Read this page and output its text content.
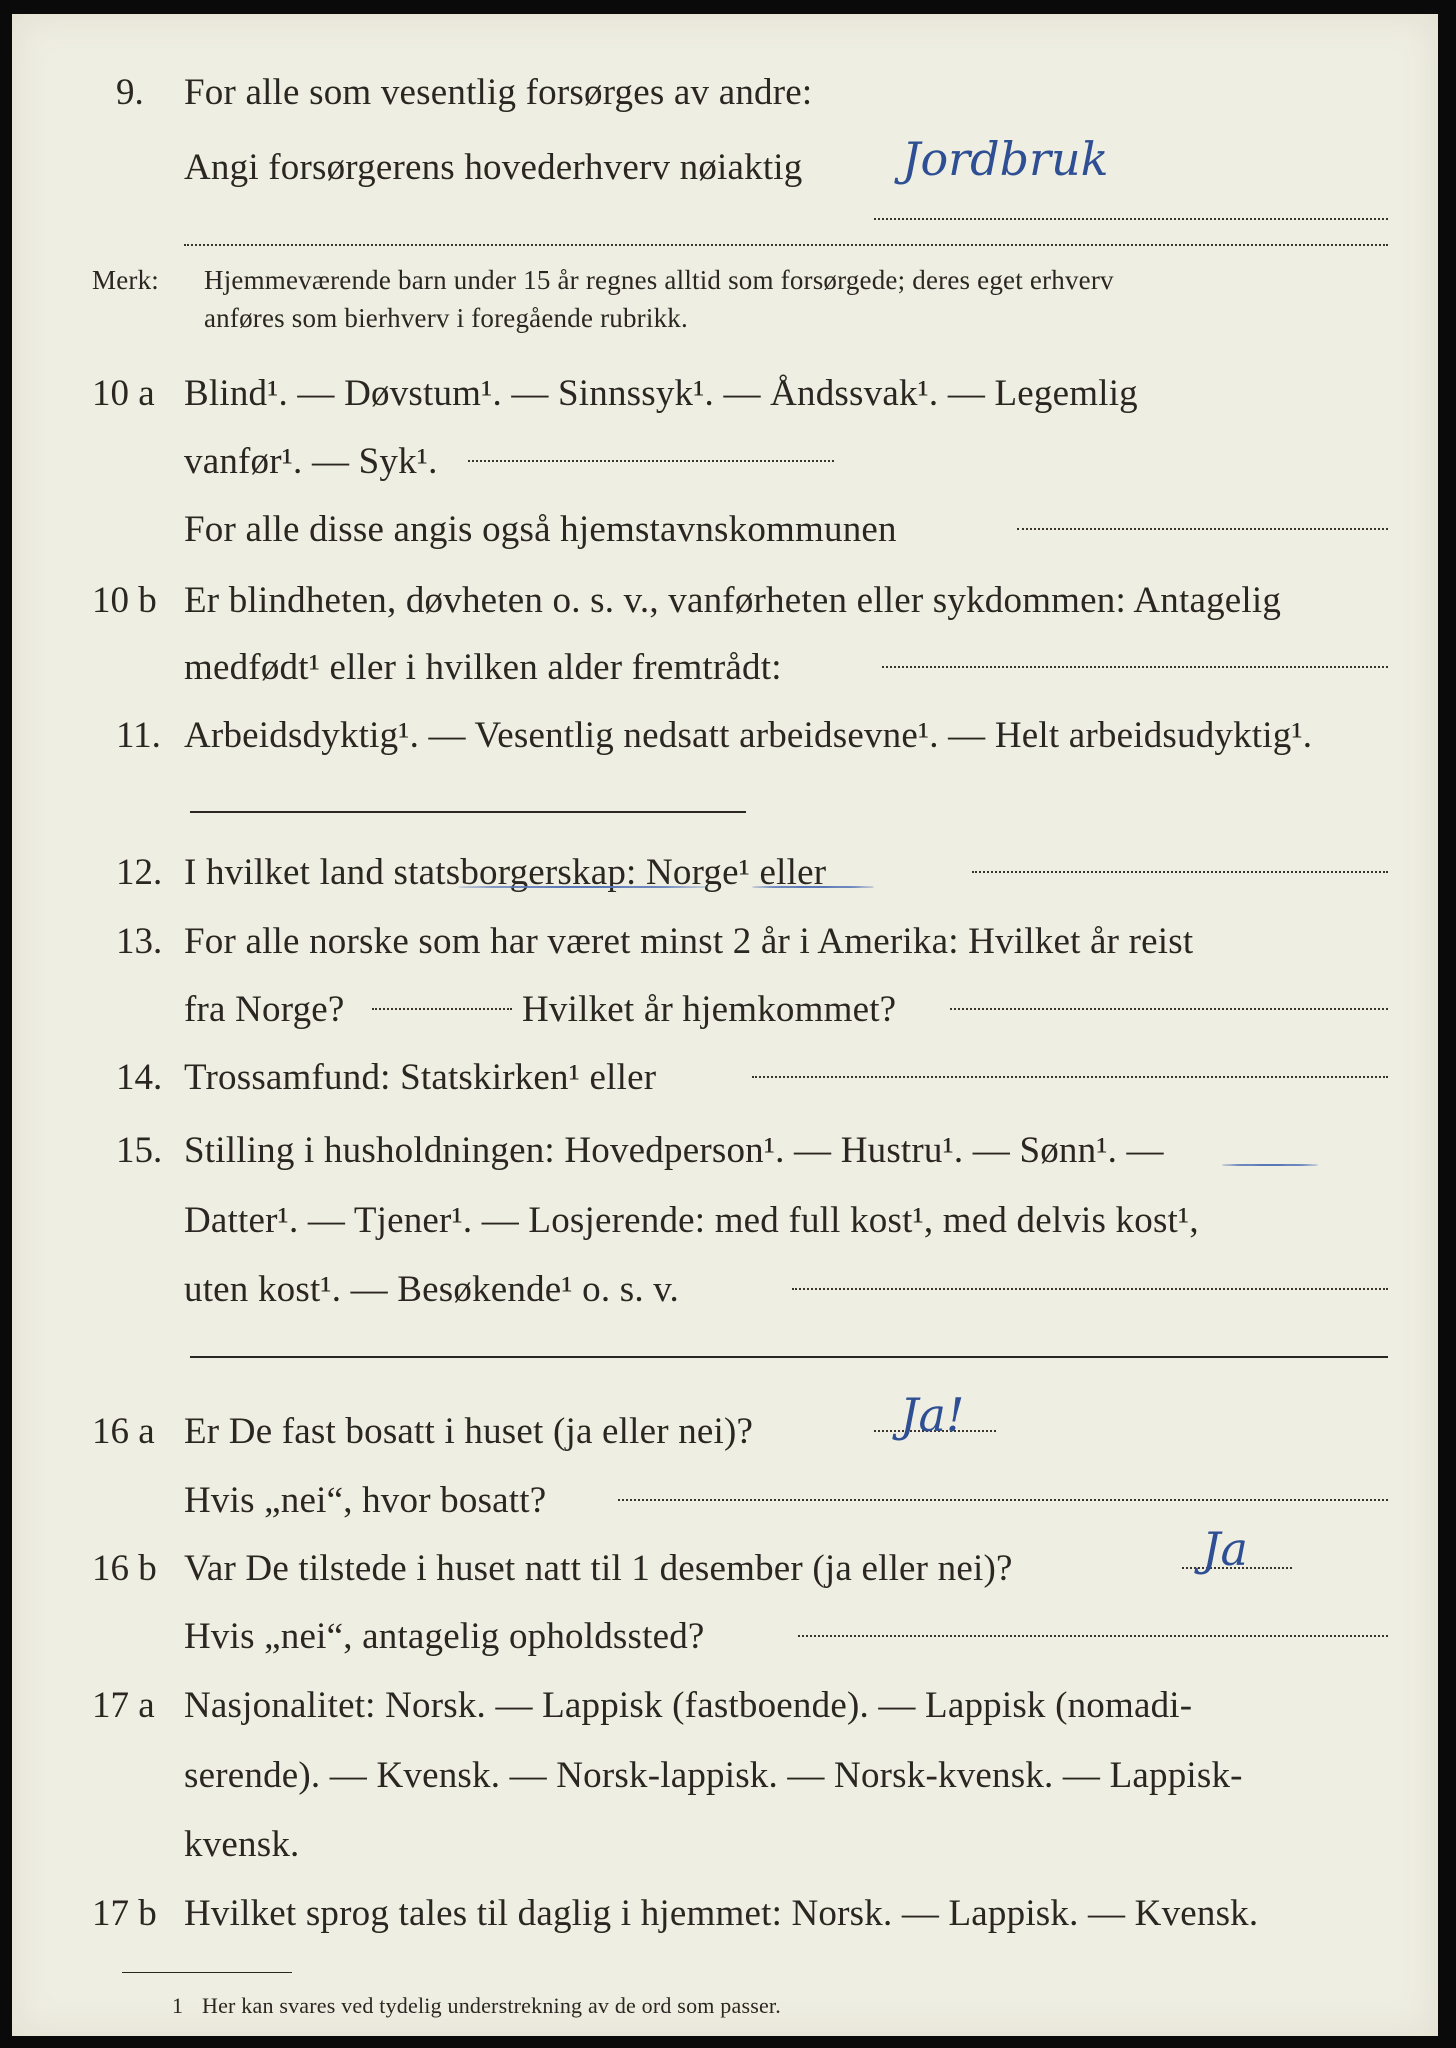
9. For alle som vesentlig forsørges av andre:
Angi forsørgerens hovederhverv nøiaktig Jordbruk
Merk: Hjemmeværende barn under 15 år regnes alltid som forsørgede; deres eget erhverv
anføres som bierhverv i foregående rubrikk.
10 a Blind¹. — Døvstum¹. — Sinnssyk¹. — Åndssvak¹. — Legemlig
vanfør¹. — Syk¹.
For alle disse angis også hjemstavnskommunen
10 b Er blindheten, døvheten o. s. v., vanførheten eller sykdommen: Antagelig
medfødt¹ eller i hvilken alder fremtrådt:
11. Arbeidsdyktig¹. — Vesentlig nedsatt arbeidsevne¹. — Helt arbeidsudyktig¹.
12. I hvilket land statsborgerskap: Norge¹ eller
13. For alle norske som har været minst 2 år i Amerika: Hvilket år reist
fra Norge?	Hvilket år hjemkommet?
14. Trossamfund: Statskirken¹ eller
15. Stilling i husholdningen: Hovedperson¹. — Hustru¹. — Sønn¹. —
Datter¹. — Tjener¹. — Losjerende: med full kost¹, med delvis kost¹,
uten kost¹. — Besøkende¹ o. s. v.
16 a Er De fast bosatt i huset (ja eller nei)?	Ja!
Hvis „nei“, hvor bosatt?
16 b Var De tilstede i huset natt til 1 desember (ja eller nei)?	Ja
Hvis „nei“, antagelig opholdssted?
17 a Nasjonalitet: Norsk. — Lappisk (fastboende). — Lappisk (nomadi-
serende). — Kvensk. — Norsk-lappisk. — Norsk-kvensk. — Lappisk-
kvensk.
17 b Hvilket sprog tales til daglig i hjemmet: Norsk. — Lappisk. — Kvensk.
1 Her kan svares ved tydelig understrekning av de ord som passer.
